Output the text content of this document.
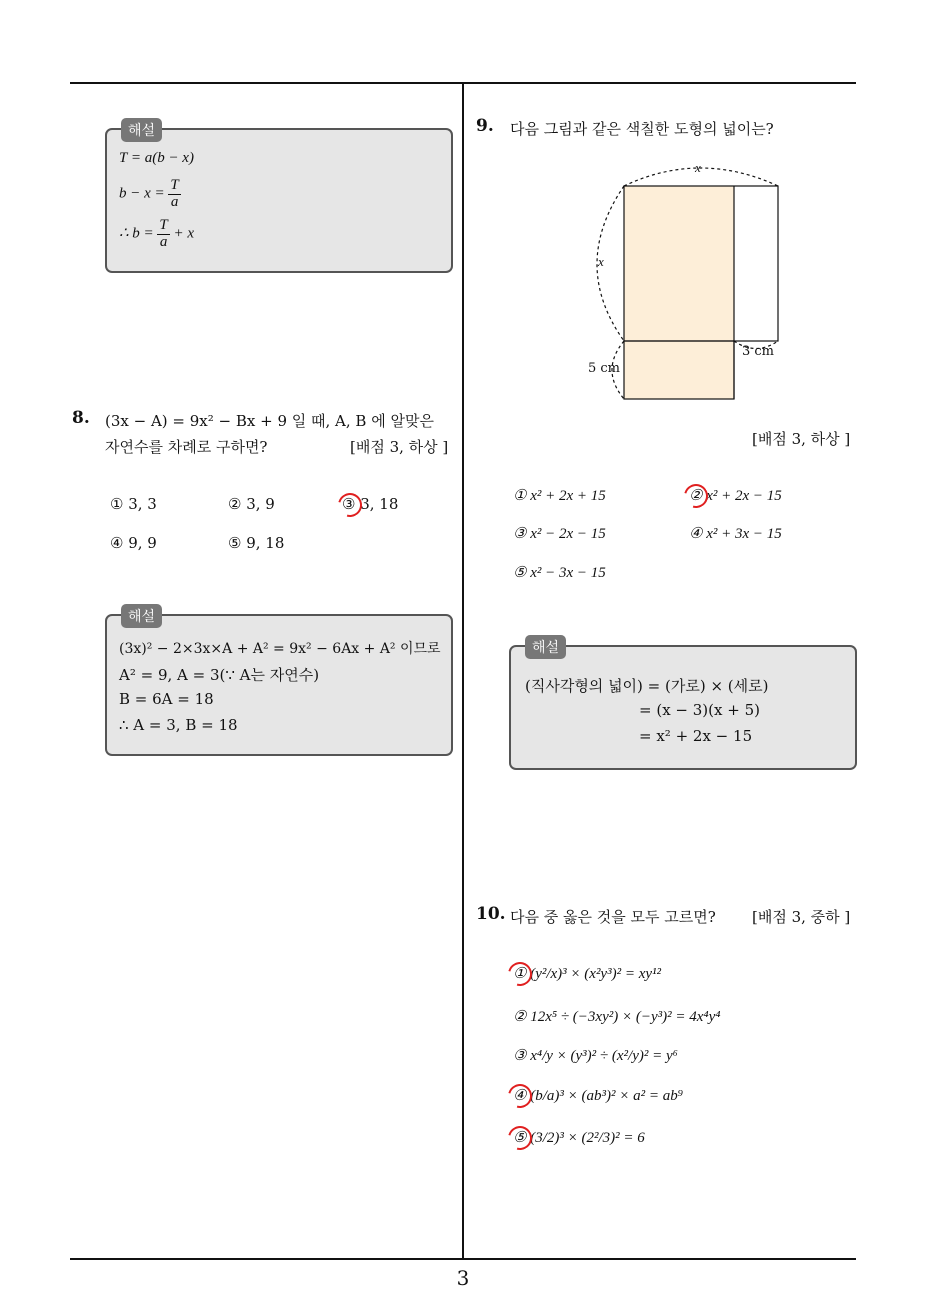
해설
T = a(b − x)
$b - x = \frac{T}{a}$
∴ $b = \frac{T}{a} + x$
8. (3x − A) = 9x² − Bx + 9 일 때, A, B 에 알맞은
자연수를 차례로 구하면?	[배점 3, 하상 ]
① 3, 3	② 3, 9	③ 3, 18
④ 9, 9	⑤ 9, 18
해설
(3x)² − 2×3x×A + A² = 9x² − 6Ax + A² 이므로
A² = 9, A = 3(∵ A는 자연수)
B = 6A = 18
∴ A = 3, B = 18
9. 다음 그림과 같은 색칠한 도형의 넓이는?
x
x
3 cm
5 cm
[배점 3, 하상 ]
① x² + 2x + 15	② x² + 2x − 15
③ x² − 2x − 15	④ x² + 3x − 15
⑤ x² − 3x − 15
해설
(직사각형의 넓이) = (가로) × (세로)
= (x − 3)(x + 5)
= x² + 2x − 15
10. 다음 중 옳은 것을 모두 고르면? [배점 3, 중하 ]
① (y²/x)³ × (x²y³)² = xy¹²
② 12x⁵ ÷ (−3xy²) × (−y³)² = 4x⁴y⁴
③ x⁴/y × (y³)² ÷ (x²/y)² = y⁶
④ (b/a)³ × (ab³)² × a² = ab⁹
⑤ (3/2)³ × (2²/3)² = 6
3
